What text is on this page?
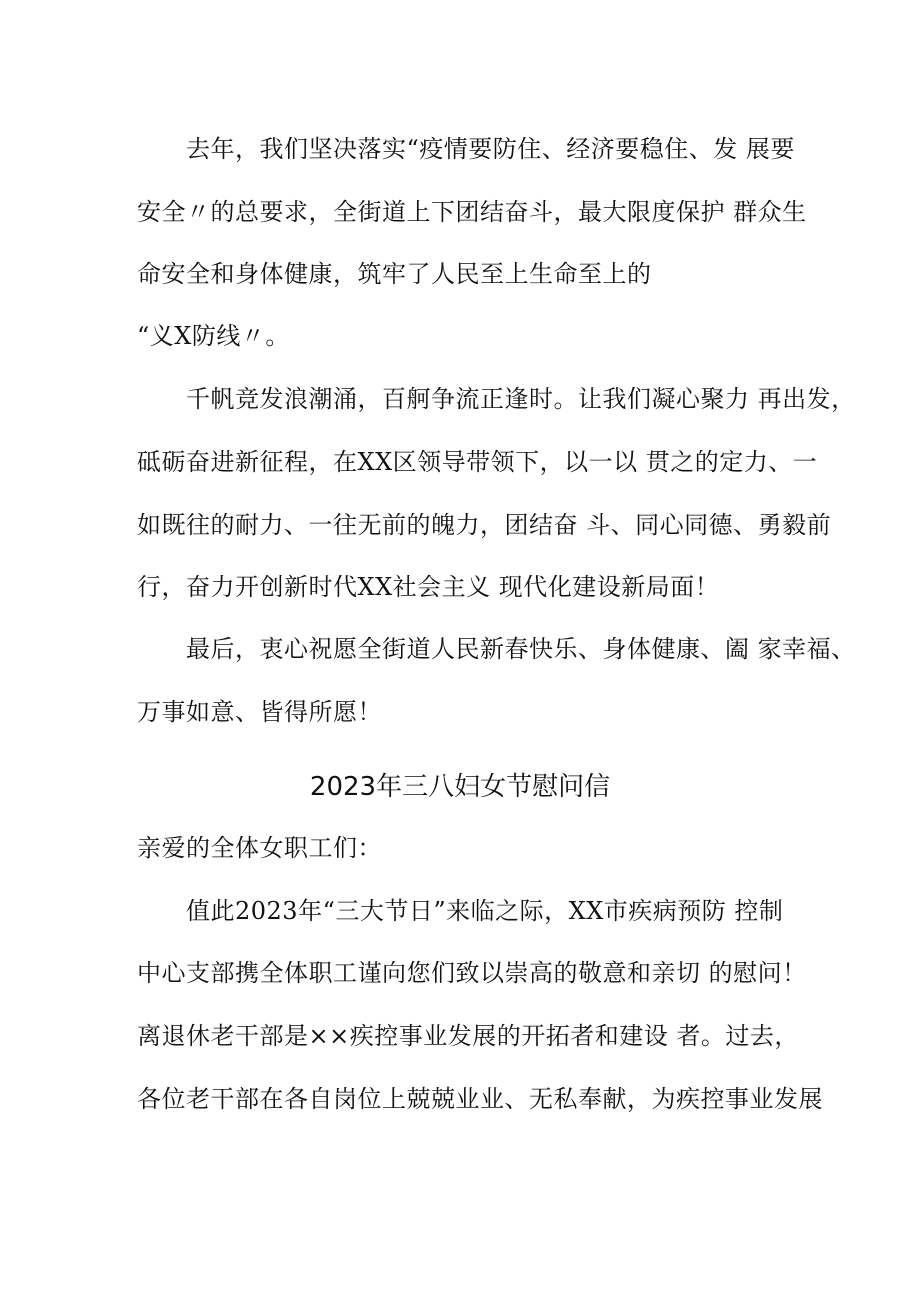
去年，我们坚决落实“疫情要防住、经济要稳住、发 展要
安全〃的总要求，全街道上下团结奋斗，最大限度保护 群众生
命安全和身体健康，筑牢了人民至上生命至上的
“义X防线〃。
千帆竞发浪潮涌，百舸争流正逢时。让我们凝心聚力 再出发，
砥砺奋进新征程，在XX区领导带领下，以一以 贯之的定力、一
如既往的耐力、一往无前的魄力，团结奋 斗、同心同德、勇毅前
行，奋力开创新时代XX社会主义 现代化建设新局面！
最后，衷心祝愿全街道人民新春快乐、身体健康、阖 家幸福、
万事如意、皆得所愿！
2023年三八妇女节慰问信
亲爱的全体女职工们：
值此2023年“三大节日”来临之际，XX市疾病预防 控制
中心支部携全体职工谨向您们致以崇高的敬意和亲切 的慰问！
离退休老干部是××疾控事业发展的开拓者和建设 者。过去，
各位老干部在各自岗位上兢兢业业、无私奉献，为疾控事业发展
